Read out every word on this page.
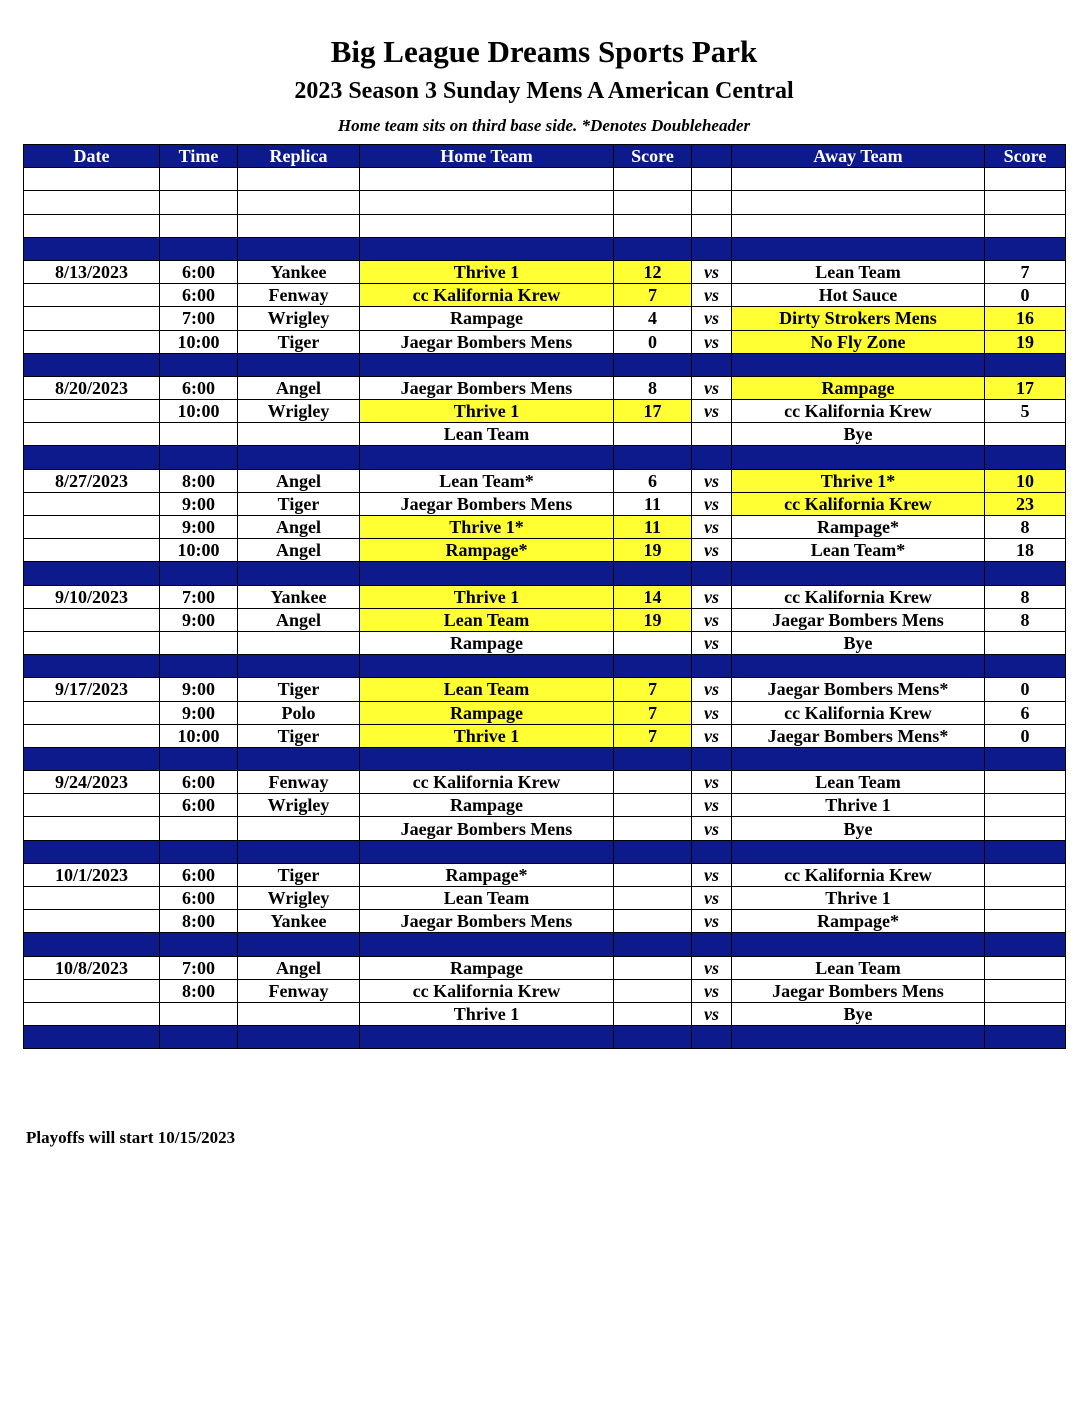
Big League Dreams Sports Park
2023 Season 3 Sunday Mens A American Central
Home team sits on third base side. *Denotes Doubleheader
Date	Time	Replica	Home Team	Score		Away Team	Score

8/13/2023	6:00	Yankee	Thrive 1	12	vs	Lean Team	7
	6:00	Fenway	cc Kalifornia Krew	7	vs	Hot Sauce	0
	7:00	Wrigley	Rampage	4	vs	Dirty Strokers Mens	16
	10:00	Tiger	Jaegar Bombers Mens	0	vs	No Fly Zone	19

8/20/2023	6:00	Angel	Jaegar Bombers Mens	8	vs	Rampage	17
	10:00	Wrigley	Thrive 1	17	vs	cc Kalifornia Krew	5
			Lean Team			Bye	

8/27/2023	8:00	Angel	Lean Team*	6	vs	Thrive 1*	10
	9:00	Tiger	Jaegar Bombers Mens	11	vs	cc Kalifornia Krew	23
	9:00	Angel	Thrive 1*	11	vs	Rampage*	8
	10:00	Angel	Rampage*	19	vs	Lean Team*	18

9/10/2023	7:00	Yankee	Thrive 1	14	vs	cc Kalifornia Krew	8
	9:00	Angel	Lean Team	19	vs	Jaegar Bombers Mens	8
			Rampage		vs	Bye	

9/17/2023	9:00	Tiger	Lean Team	7	vs	Jaegar Bombers Mens*	0
	9:00	Polo	Rampage	7	vs	cc Kalifornia Krew	6
	10:00	Tiger	Thrive 1	7	vs	Jaegar Bombers Mens*	0

9/24/2023	6:00	Fenway	cc Kalifornia Krew		vs	Lean Team	
	6:00	Wrigley	Rampage		vs	Thrive 1	
			Jaegar Bombers Mens		vs	Bye	

10/1/2023	6:00	Tiger	Rampage*		vs	cc Kalifornia Krew	
	6:00	Wrigley	Lean Team		vs	Thrive 1	
	8:00	Yankee	Jaegar Bombers Mens		vs	Rampage*	

10/8/2023	7:00	Angel	Rampage		vs	Lean Team	
	8:00	Fenway	cc Kalifornia Krew		vs	Jaegar Bombers Mens	
			Thrive 1		vs	Bye	

Playoffs will start 10/15/2023
